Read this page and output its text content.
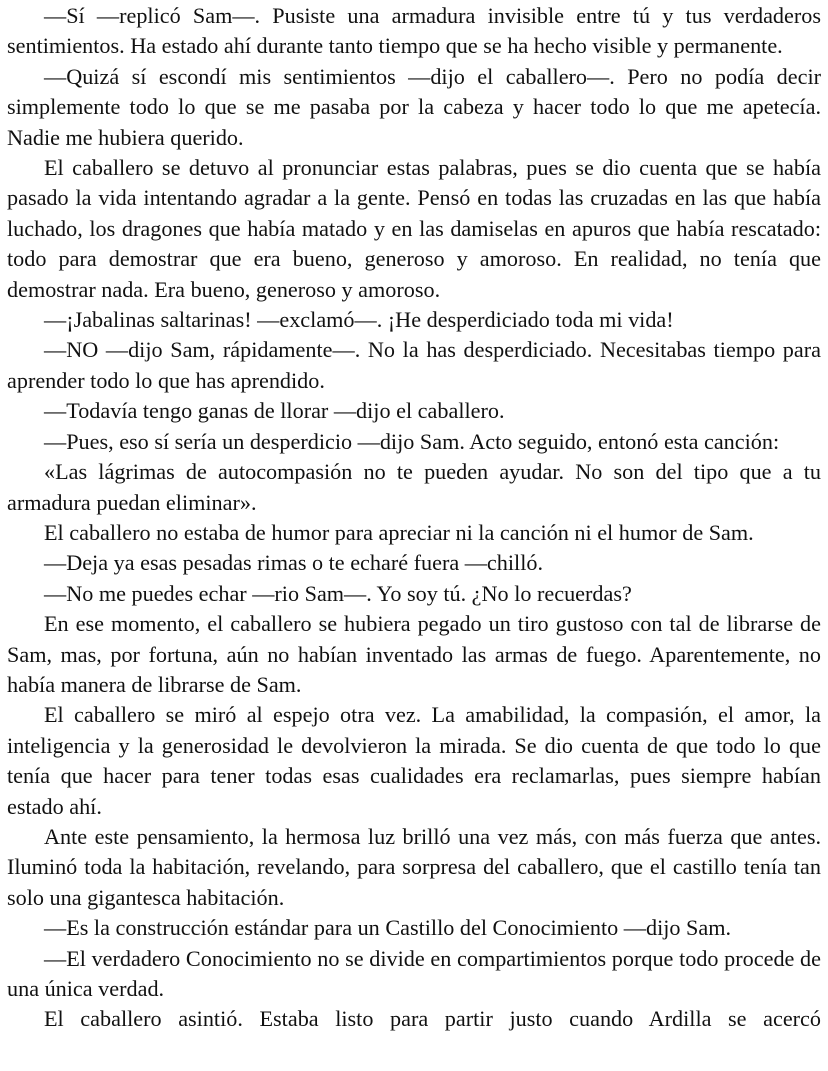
—Sí —replicó Sam—. Pusiste una armadura invisible entre tú y tus verdaderos sentimientos. Ha estado ahí durante tanto tiempo que se ha hecho visible y permanente.

—Quizá sí escondí mis sentimientos —dijo el caballero—. Pero no podía decir simplemente todo lo que se me pasaba por la cabeza y hacer todo lo que me apetecía. Nadie me hubiera querido.

El caballero se detuvo al pronunciar estas palabras, pues se dio cuenta que se había pasado la vida intentando agradar a la gente. Pensó en todas las cruzadas en las que había luchado, los dragones que había matado y en las damiselas en apuros que había rescatado: todo para demostrar que era bueno, generoso y amoroso. En realidad, no tenía que demostrar nada. Era bueno, generoso y amoroso.

—¡Jabalinas saltarinas! —exclamó—. ¡He desperdiciado toda mi vida!

—NO —dijo Sam, rápidamente—. No la has desperdiciado. Necesitabas tiempo para aprender todo lo que has aprendido.

—Todavía tengo ganas de llorar —dijo el caballero.

—Pues, eso sí sería un desperdicio —dijo Sam. Acto seguido, entonó esta canción:

«Las lágrimas de autocompasión no te pueden ayudar. No son del tipo que a tu armadura puedan eliminar».

El caballero no estaba de humor para apreciar ni la canción ni el humor de Sam.

—Deja ya esas pesadas rimas o te echaré fuera —chilló.

—No me puedes echar —rio Sam—. Yo soy tú. ¿No lo recuerdas?

En ese momento, el caballero se hubiera pegado un tiro gustoso con tal de librarse de Sam, mas, por fortuna, aún no habían inventado las armas de fuego. Aparentemente, no había manera de librarse de Sam.

El caballero se miró al espejo otra vez. La amabilidad, la compasión, el amor, la inteligencia y la generosidad le devolvieron la mirada. Se dio cuenta de que todo lo que tenía que hacer para tener todas esas cualidades era reclamarlas, pues siempre habían estado ahí.

Ante este pensamiento, la hermosa luz brilló una vez más, con más fuerza que antes. Iluminó toda la habitación, revelando, para sorpresa del caballero, que el castillo tenía tan solo una gigantesca habitación.

—Es la construcción estándar para un Castillo del Conocimiento —dijo Sam.

—El verdadero Conocimiento no se divide en compartimientos porque todo procede de una única verdad.

El caballero asintió. Estaba listo para partir justo cuando Ardilla se acercó
